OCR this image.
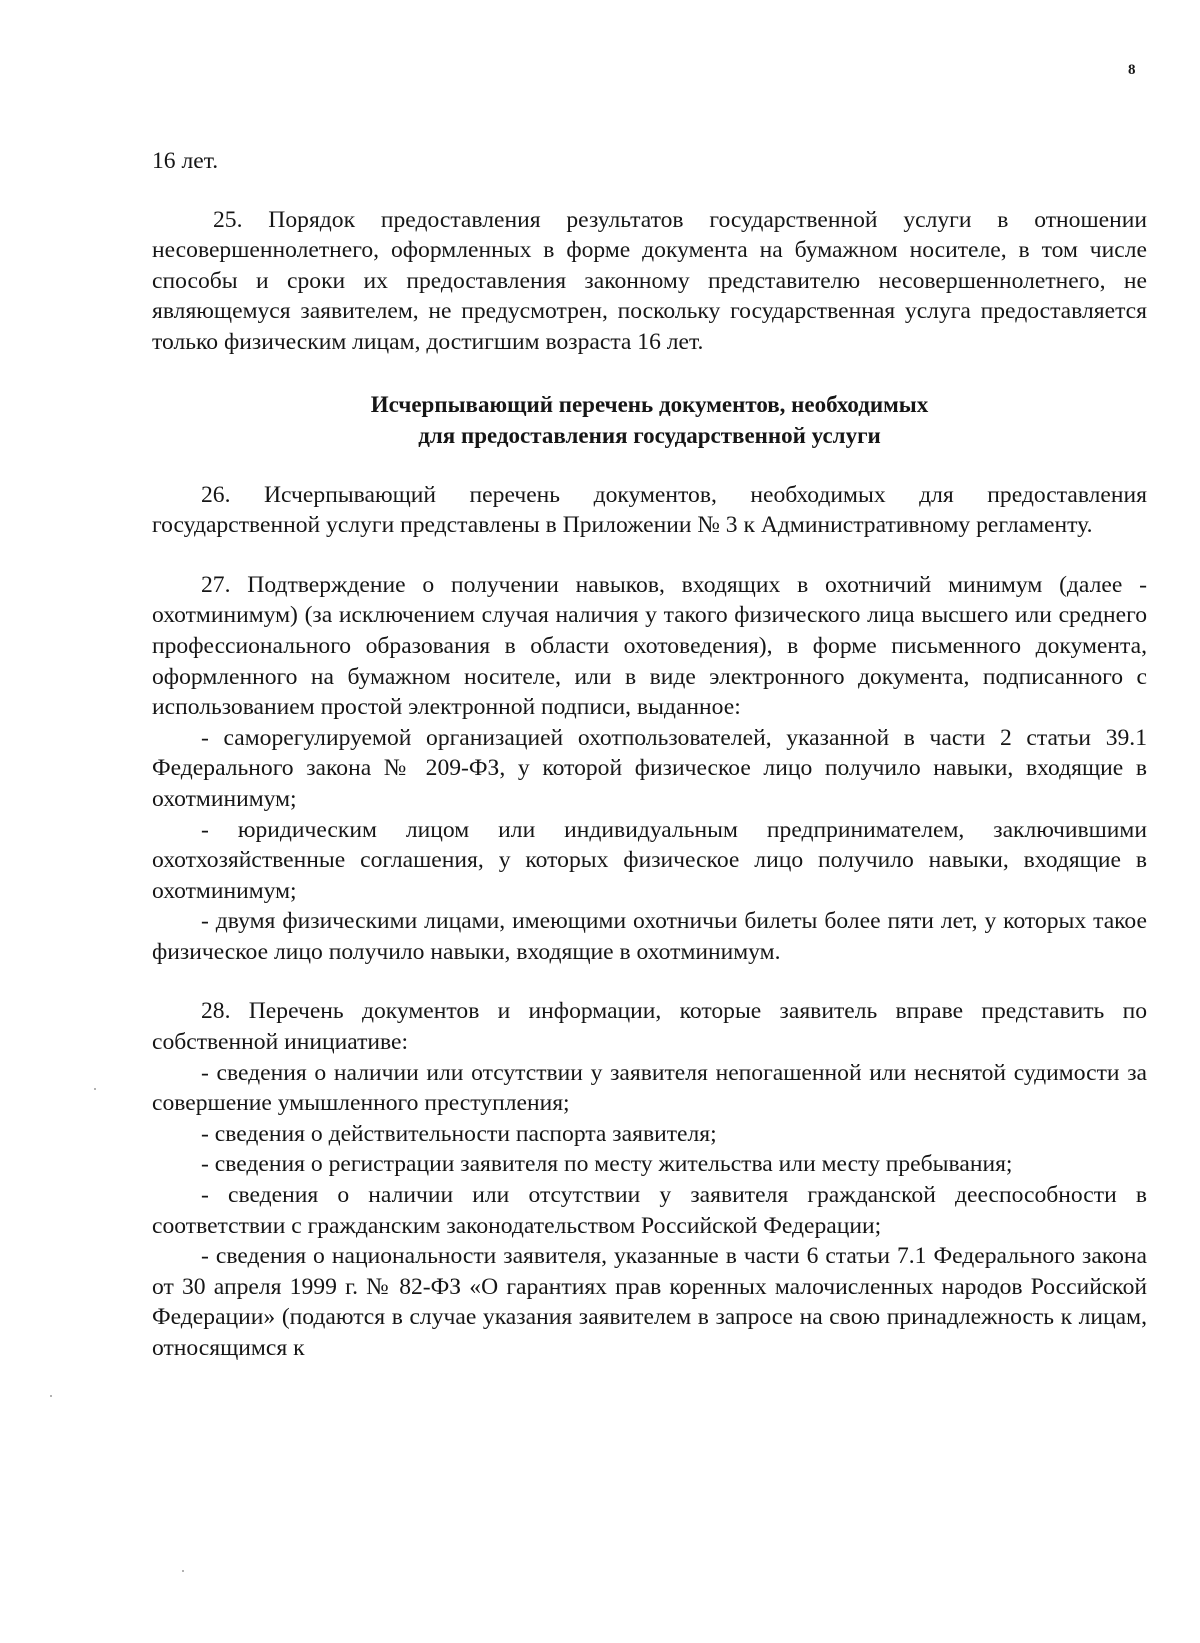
8

16 лет.

25. Порядок предоставления результатов государственной услуги в отношении несовершеннолетнего, оформленных в форме документа на бумажном носителе, в том числе способы и сроки их предоставления законному представителю несовершеннолетнего, не являющемуся заявителем, не предусмотрен, поскольку государственная услуга предоставляется только физическим лицам, достигшим возраста 16 лет.

Исчерпывающий перечень документов, необходимых

для предоставления государственной услуги

26. Исчерпывающий перечень документов, необходимых для предоставления государственной услуги представлены в Приложении № 3 к Административному регламенту.

27. Подтверждение о получении навыков, входящих в охотничий минимум (далее - охотминимум) (за исключением случая наличия у такого физического лица высшего или среднего профессионального образования в области охотоведения), в форме письменного документа, оформленного на бумажном носителе, или в виде электронного документа, подписанного с использованием простой электронной подписи, выданное:

- саморегулируемой организацией охотпользователей, указанной в части 2 статьи 39.1 Федерального закона № 209-ФЗ, у которой физическое лицо получило навыки, входящие в охотминимум;

- юридическим лицом или индивидуальным предпринимателем, заключившими охотхозяйственные соглашения, у которых физическое лицо получило навыки, входящие в охотминимум;

- двумя физическими лицами, имеющими охотничьи билеты более пяти лет, у которых такое физическое лицо получило навыки, входящие в охотминимум.

28. Перечень документов и информации, которые заявитель вправе представить по собственной инициативе:

- сведения о наличии или отсутствии у заявителя непогашенной или неснятой судимости за совершение умышленного преступления;

- сведения о действительности паспорта заявителя;

- сведения о регистрации заявителя по месту жительства или месту пребывания;

- сведения о наличии или отсутствии у заявителя гражданской дееспособности в соответствии с гражданским законодательством Российской Федерации;

- сведения о национальности заявителя, указанные в части 6 статьи 7.1 Федерального закона от 30 апреля 1999 г. № 82-ФЗ «О гарантиях прав коренных малочисленных народов Российской Федерации» (подаются в случае указания заявителем в запросе на свою принадлежность к лицам, относящимся к
